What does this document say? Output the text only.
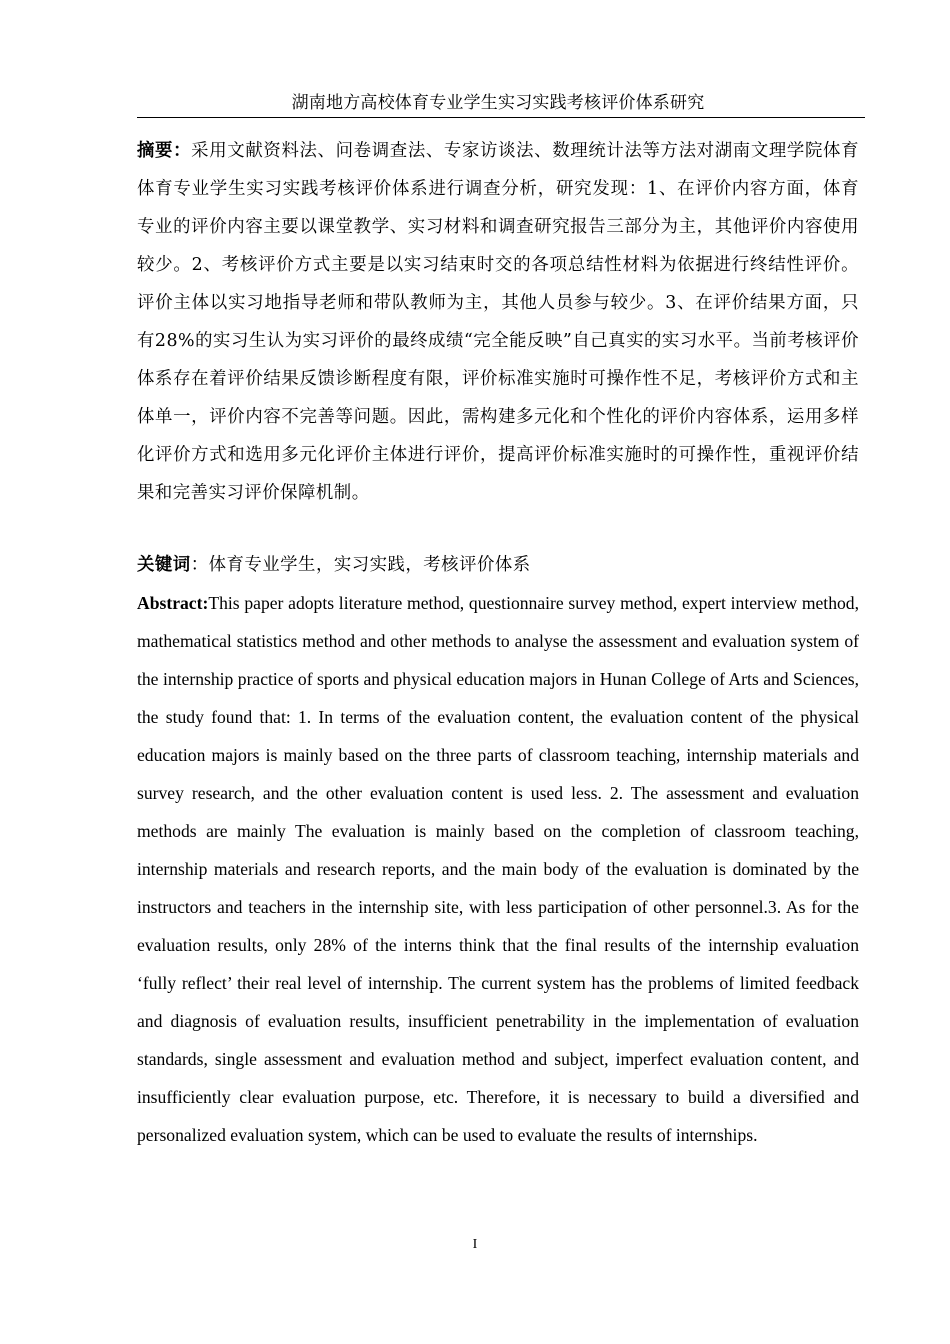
湖南地方高校体育专业学生实习实践考核评价体系研究
摘要：采用文献资料法、问卷调查法、专家访谈法、数理统计法等方法对湖南文理学院体育体育专业学生实习实践考核评价体系进行调查分析，研究发现：1、在评价内容方面，体育专业的评价内容主要以课堂教学、实习材料和调查研究报告三部分为主，其他评价内容使用较少。2、考核评价方式主要是以实习结束时交的各项总结性材料为依据进行终结性评价。评价主体以实习地指导老师和带队教师为主，其他人员参与较少。3、在评价结果方面，只有28%的实习生认为实习评价的最终成绩“完全能反映”自己真实的实习水平。当前考核评价体系存在着评价结果反馈诊断程度有限，评价标准实施时可操作性不足，考核评价方式和主体单一，评价内容不完善等问题。因此，需构建多元化和个性化的评价内容体系，运用多样化评价方式和选用多元化评价主体进行评价，提高评价标准实施时的可操作性，重视评价结果和完善实习评价保障机制。
关键词：体育专业学生，实习实践，考核评价体系
Abstract:This paper adopts literature method, questionnaire survey method, expert interview method, mathematical statistics method and other methods to analyse the assessment and evaluation system of the internship practice of sports and physical education majors in Hunan College of Arts and Sciences, the study found that: 1. In terms of the evaluation content, the evaluation content of the physical education majors is mainly based on the three parts of classroom teaching, internship materials and survey research, and the other evaluation content is used less. 2. The assessment and evaluation methods are mainly The evaluation is mainly based on the completion of classroom teaching, internship materials and research reports, and the main body of the evaluation is dominated by the instructors and teachers in the internship site, with less participation of other personnel.3. As for the evaluation results, only 28% of the interns think that the final results of the internship evaluation ‘fully reflect’ their real level of internship. The current system has the problems of limited feedback and diagnosis of evaluation results, insufficient penetrability in the implementation of evaluation standards, single assessment and evaluation method and subject, imperfect evaluation content, and insufficiently clear evaluation purpose, etc. Therefore, it is necessary to build a diversified and personalized evaluation system, which can be used to evaluate the results of internships.
I
